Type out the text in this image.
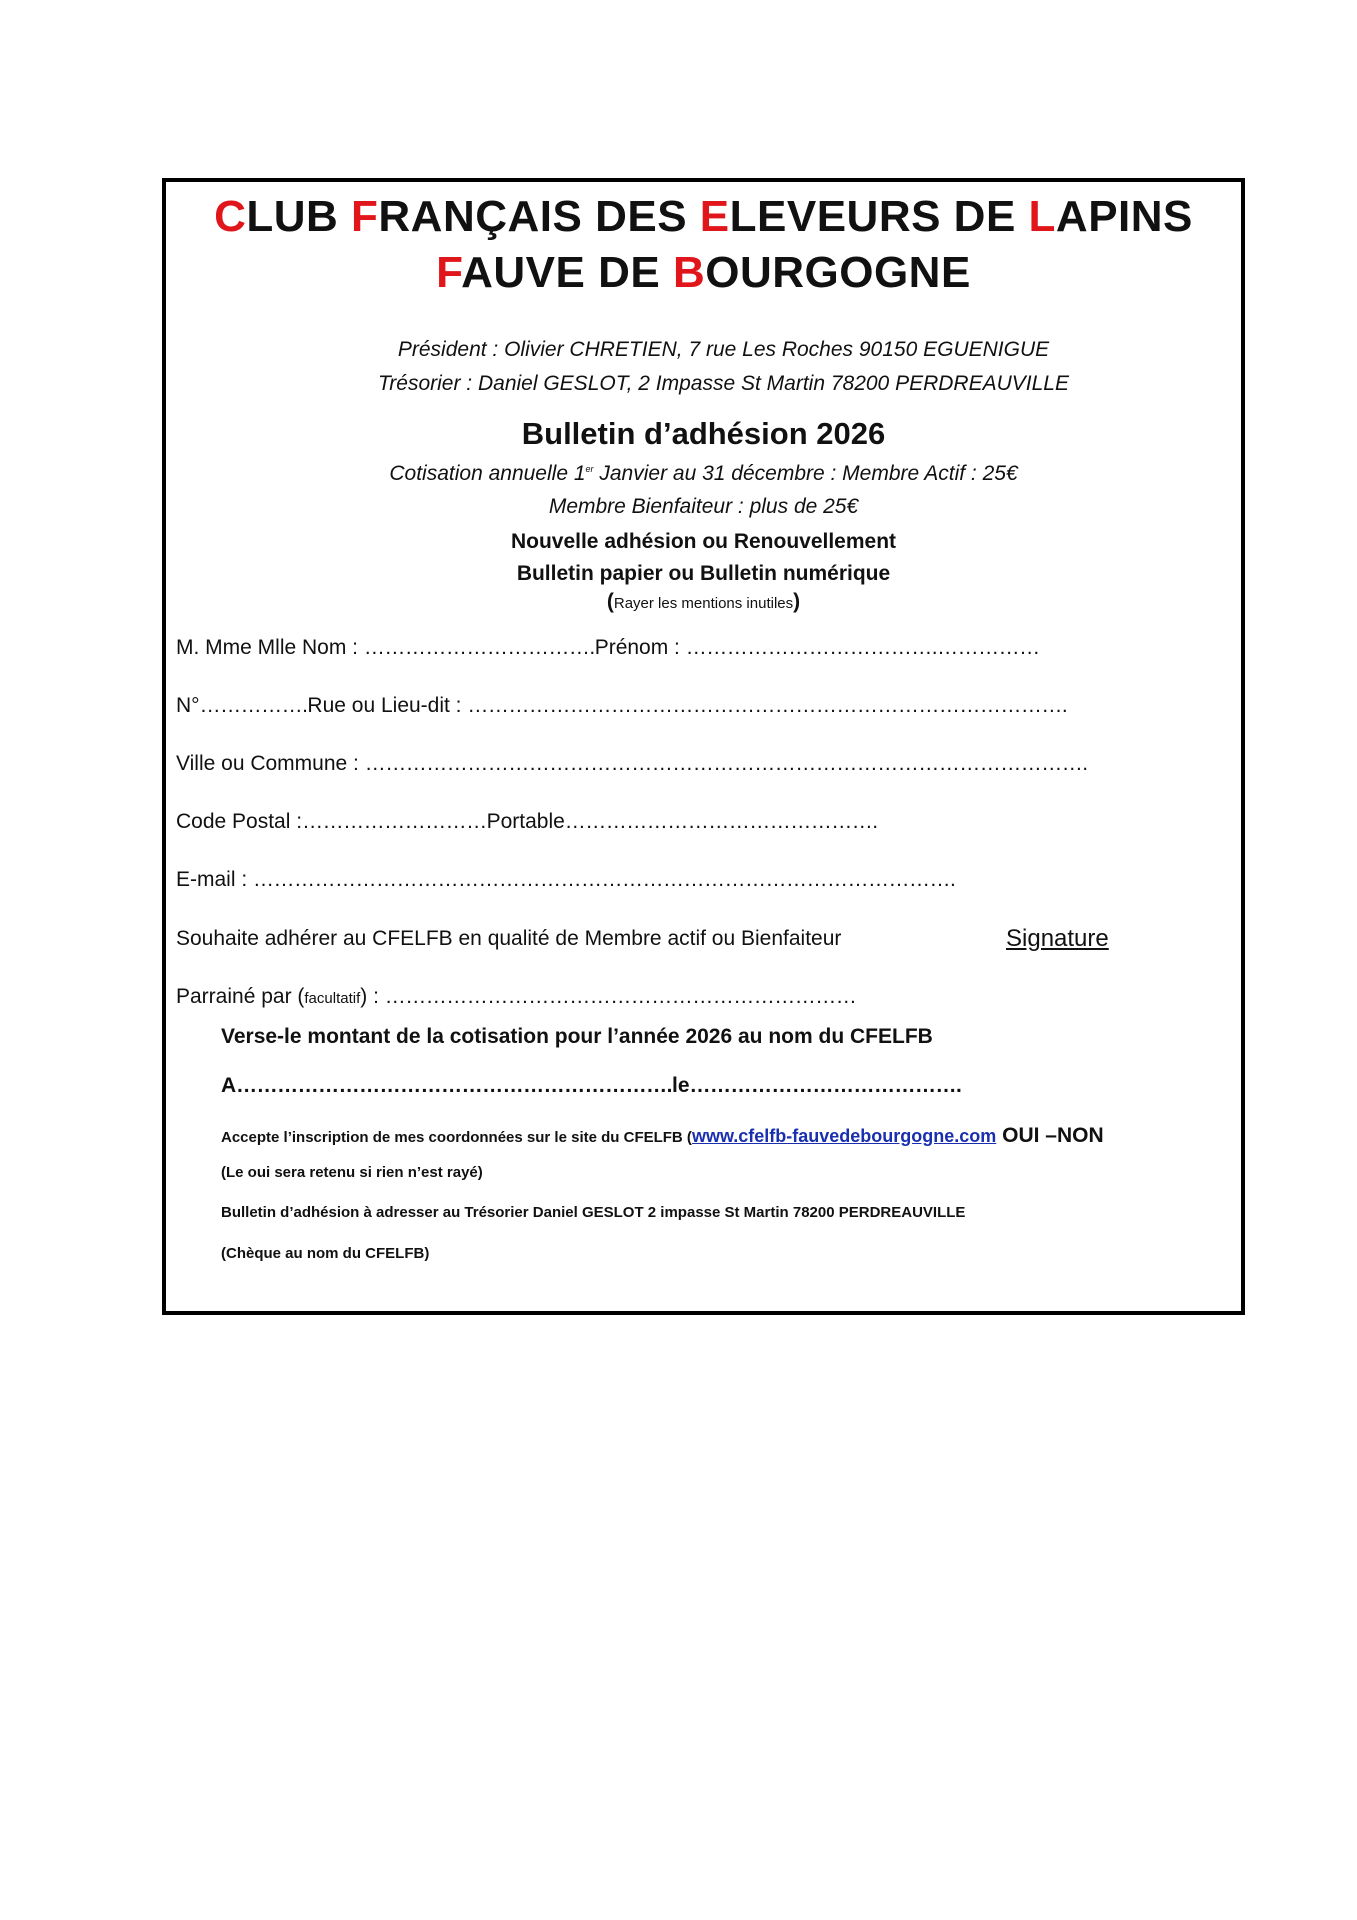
CLUB FRANÇAIS DES ELEVEURS DE LAPINS
FAUVE DE BOURGOGNE
Président : Olivier CHRETIEN, 7 rue Les Roches 90150 EGUENIGUE
Trésorier : Daniel GESLOT, 2 Impasse St Martin 78200 PERDREAUVILLE
Bulletin d’adhésion 2026
Cotisation annuelle 1er Janvier au 31 décembre : Membre Actif : 25€
Membre Bienfaiteur : plus de 25€
Nouvelle adhésion ou Renouvellement
Bulletin papier ou Bulletin numérique
(Rayer les mentions inutiles)
M. Mme Mlle Nom : …………………………….Prénom : ……………………………….……………
N°…………….Rue ou Lieu-dit : …………………………………………………………………………….
Ville ou Commune : …………………………………………………………………………………………….
Code Postal :………………………Portable……………………………………….
E-mail : ………………………………………………………………………………………….
Souhaite adhérer au CFELFB en qualité de Membre actif ou Bienfaiteur	Signature
Parrainé par (facultatif) : ……………………………………………………………
Verse-le montant de la cotisation pour l’année 2026 au nom du CFELFB
A……………………………………………………….le………………………………….
Accepte l’inscription de mes coordonnées sur le site du CFELFB (www.cfelfb-fauvedebourgogne.com OUI –NON
(Le oui sera retenu si rien n’est rayé)
Bulletin d’adhésion à adresser au Trésorier Daniel GESLOT 2 impasse St Martin 78200 PERDREAUVILLE
(Chèque au nom du CFELFB)
